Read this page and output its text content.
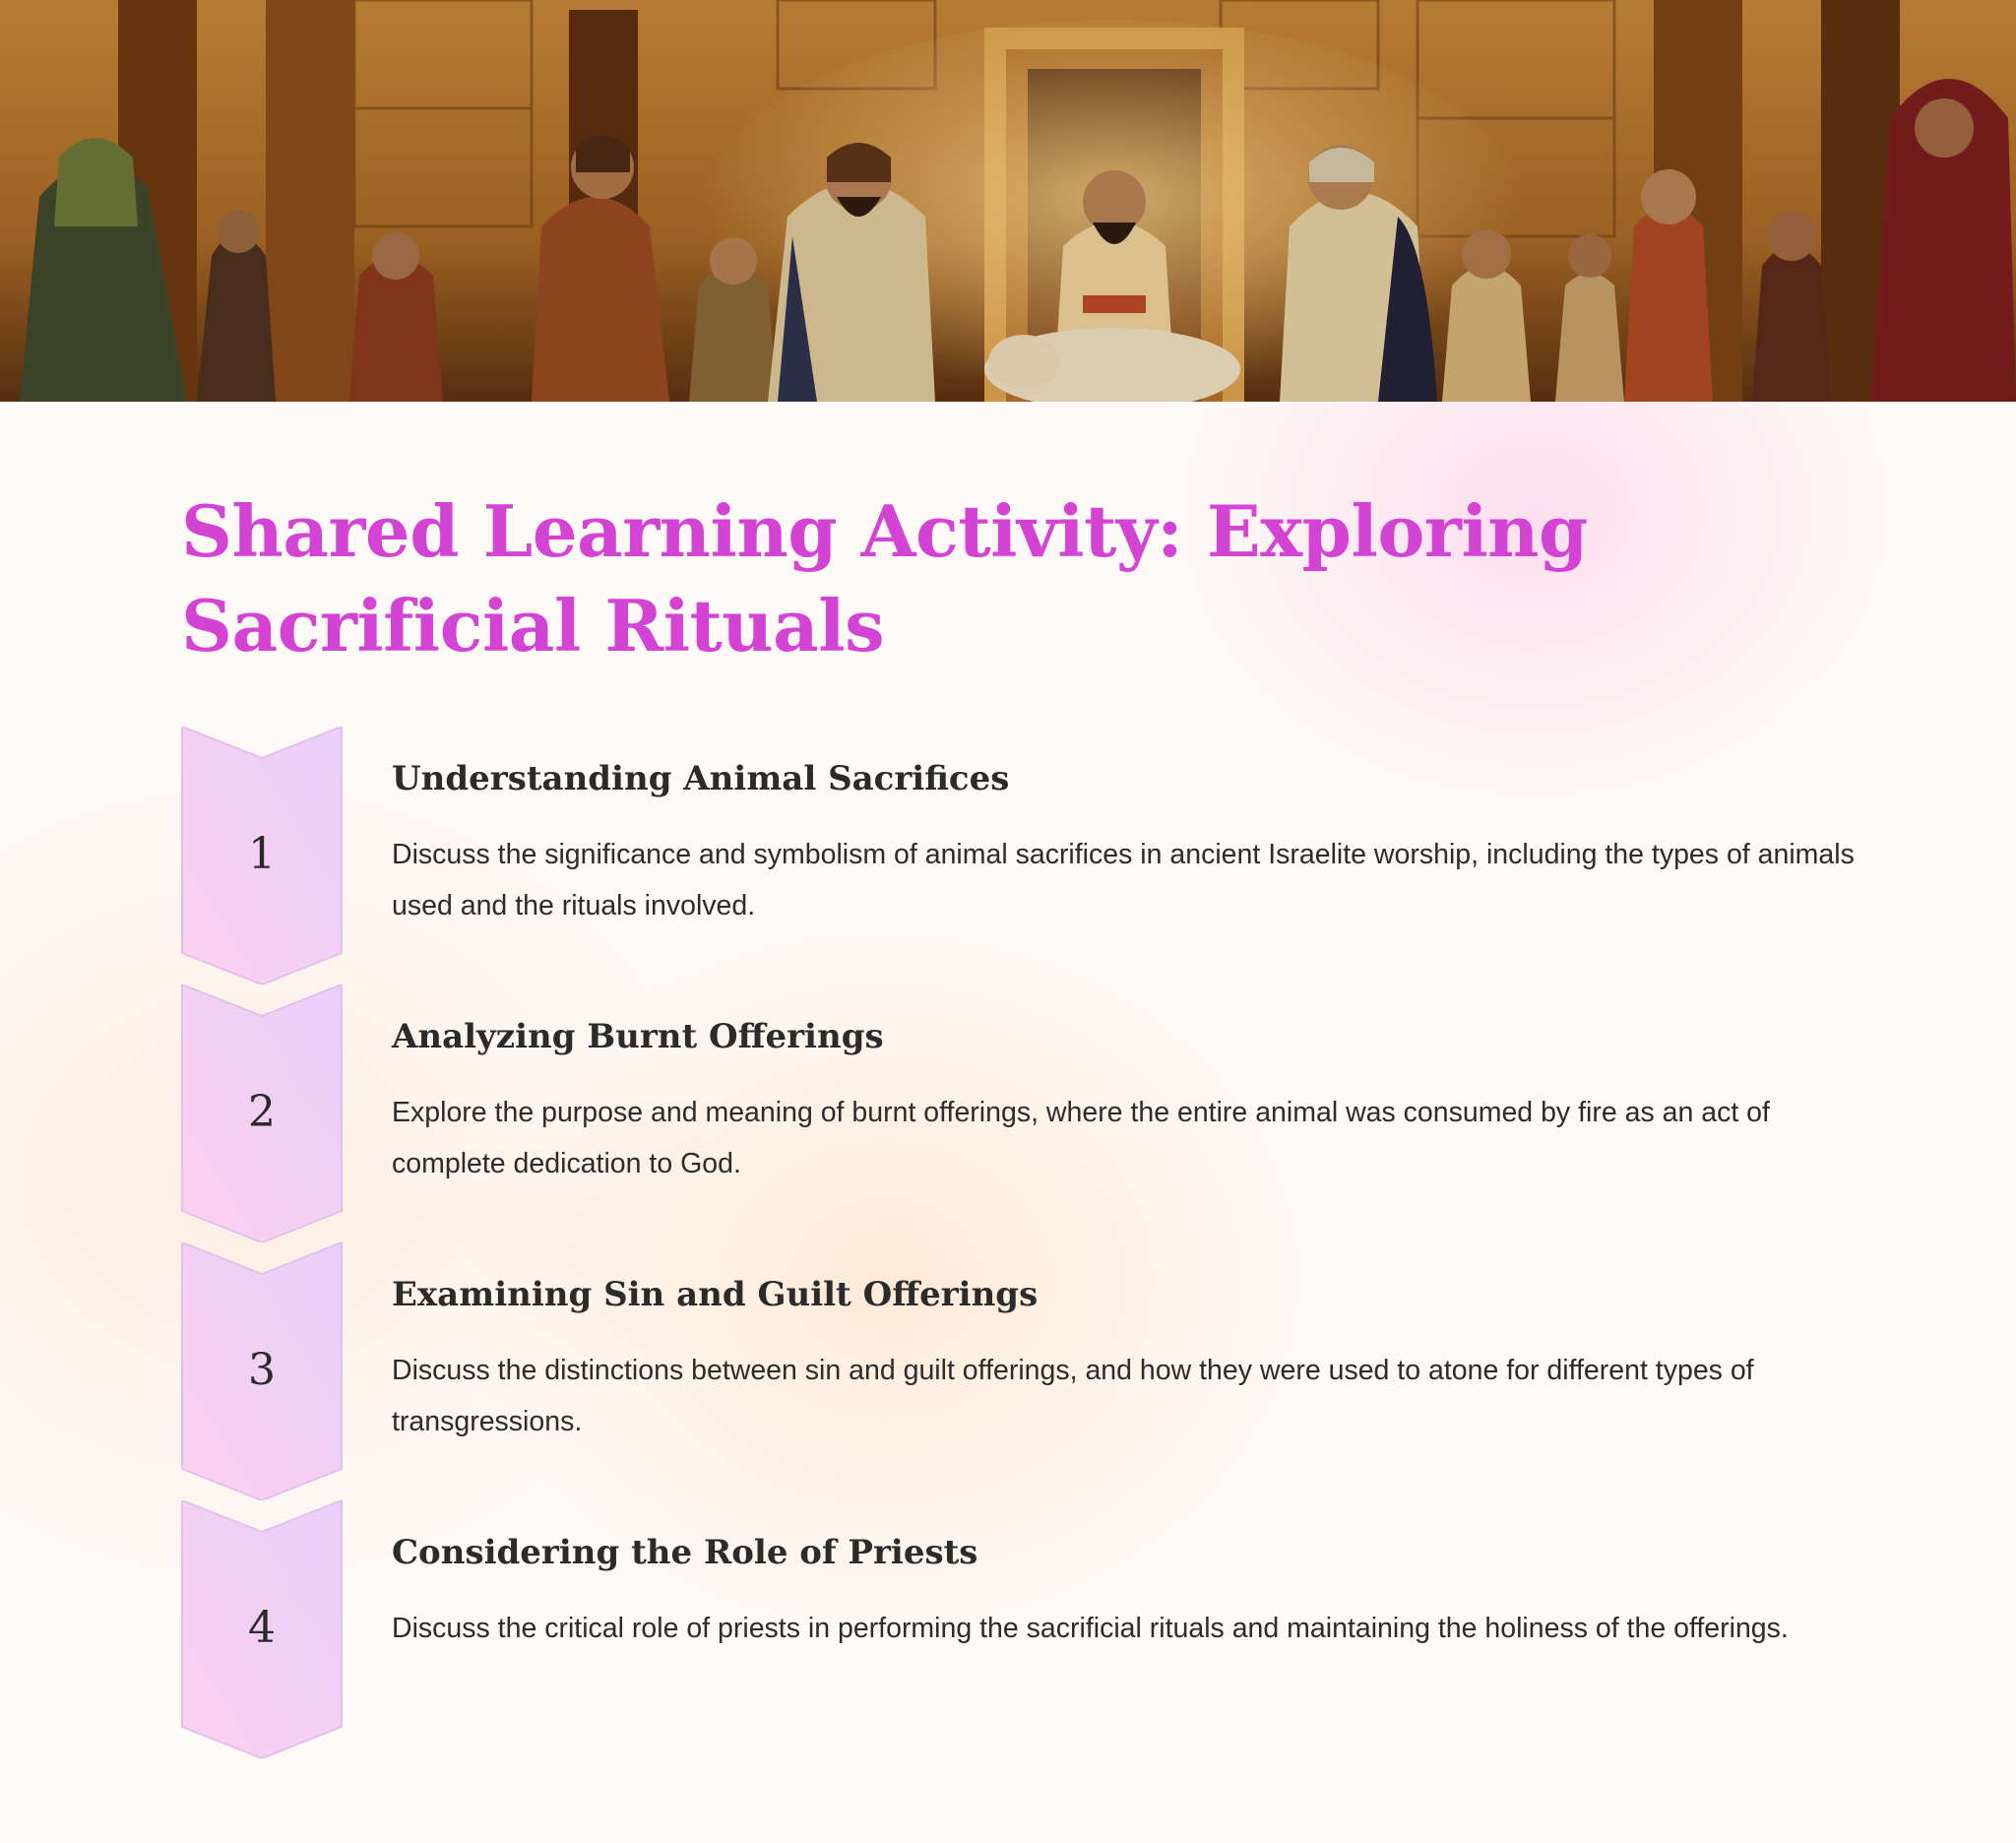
Shared Learning Activity: Exploring Sacrificial Rituals
1
Understanding Animal Sacrifices

Discuss the significance and symbolism of animal sacrifices in ancient Israelite worship, including the types of animals used and the rituals involved.

2
Analyzing Burnt Offerings

Explore the purpose and meaning of burnt offerings, where the entire animal was consumed by fire as an act of complete dedication to God.

3
Examining Sin and Guilt Offerings

Discuss the distinctions between sin and guilt offerings, and how they were used to atone for different types of transgressions.

4
Considering the Role of Priests

Discuss the critical role of priests in performing the sacrificial rituals and maintaining the holiness of the offerings.
